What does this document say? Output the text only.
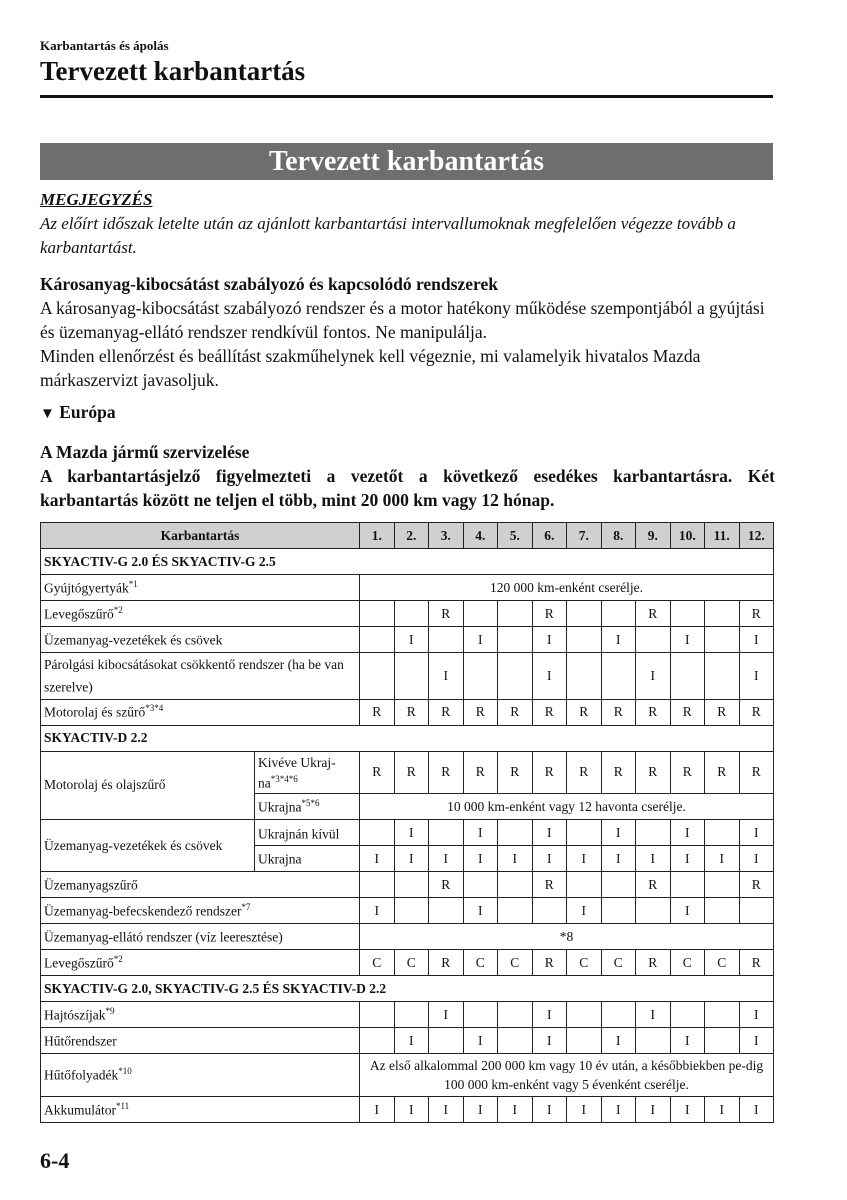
Karbantartás és ápolás
Tervezett karbantartás
Tervezett karbantartás
MEGJEGYZÉS
Az előírt időszak letelte után az ajánlott karbantartási intervallumoknak megfelelően végezze tovább a karbantartást.
Károsanyag-kibocsátást szabályozó és kapcsolódó rendszerek
A károsanyag-kibocsátást szabályozó rendszer és a motor hatékony működése szempontjából a gyújtási és üzemanyag-ellátó rendszer rendkívül fontos. Ne manipulálja.
Minden ellenőrzést és beállítást szakműhelynek kell végeznie, mi valamelyik hivatalos Mazda márkaszervizt javasoljuk.
▼ Európa
A Mazda jármű szervizelése
A karbantartásjelző figyelmezteti a vezetőt a következő esedékes karbantartásra. Két karbantartás között ne teljen el több, mint 20 000 km vagy 12 hónap.
Karbantartás		1.	2.	3.	4.	5.	6.	7.	8.	9.	10.	11.	12.
SKYACTIV-G 2.0 ÉS SKYACTIV-G 2.5													
Gyújtógyertyák$^{*1}$		120 000 km-enként cserélje.											
Levegőszűrő$^{*2}$				R			R			R			R
Üzemanyag-vezetékek és csövek			I		I		I		I		I		I
Párolgási kibocsátásokat csökkentő rendszer (ha be van szerelve)				I			I			I			I
Motorolaj és szűrő$^{*3*4}$		R	R	R	R	R	R	R	R	R	R	R	R
SKYACTIV-D 2.2													
Motorolaj és olajszűrő	Kivéve Ukraj-$na^{*3*4*6}$	R	R	R	R	R	R	R	R	R	R	R	R
	Ukrajna$^{*5*6}$	10 000 km-enként vagy 12 havonta cserélje.											
Üzemanyag-vezetékek és csövek	Ukrajnán kívül		I		I		I		I		I		I
	Ukrajna	I	I	I	I	I	I	I	I	I	I	I	I
Üzemanyagszűrő				R			R			R			R
Üzemanyag-befecskendező rendszer$^{*7}$		I			I			I			I		
Üzemanyag-ellátó rendszer (víz leeresztése)		*8											
Levegőszűrő$^{*2}$		C	C	R	C	C	R	C	C	R	C	C	R
SKYACTIV-G 2.0, SKYACTIV-G 2.5 ÉS SKYACTIV-D 2.2													
Hajtószíjak$^{*9}$				I			I			I			I
Hűtőrendszer			I		I		I		I		I		I
Hűtőfolyadék$^{*10}$		Az első alkalommal 200 000 km vagy 10 év után, a későbbiekben pe-dig 100 000 km-enként vagy 5 évenként cserélje.											
Akkumulátor$^{*11}$		I	I	I	I	I	I	I	I	I	I	I	I
6-4
